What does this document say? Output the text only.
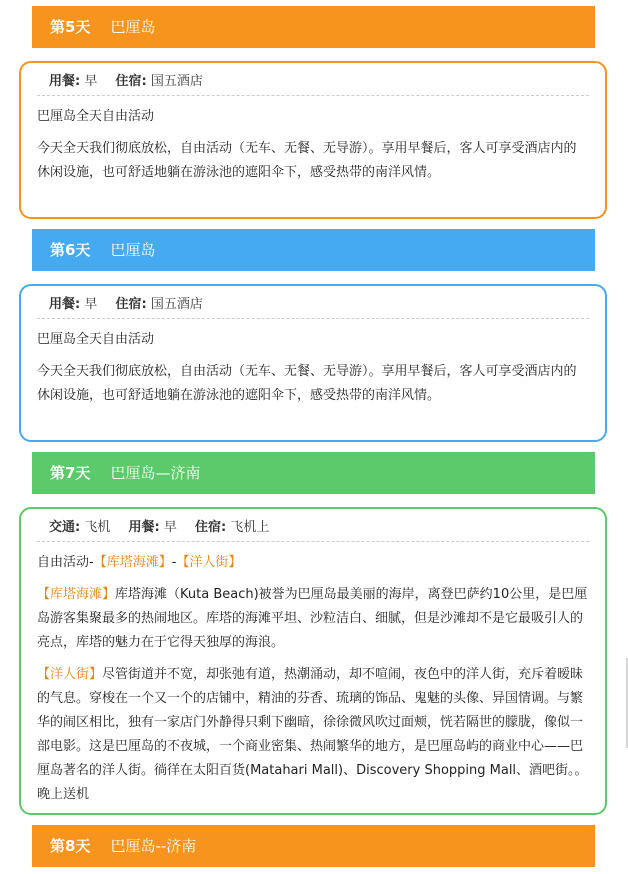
第5天 巴厘岛
用餐: 早 住宿: 国五酒店

巴厘岛全天自由活动

今天全天我们彻底放松，自由活动（无车、无餐、无导游）。享用早餐后，客人可享受酒店内的休闲设施，也可舒适地躺在游泳池的遮阳伞下，感受热带的南洋风情。

第6天 巴厘岛
用餐: 早 住宿: 国五酒店

巴厘岛全天自由活动

今天全天我们彻底放松，自由活动（无车、无餐、无导游）。享用早餐后，客人可享受酒店内的休闲设施，也可舒适地躺在游泳池的遮阳伞下，感受热带的南洋风情。

第7天 巴厘岛—济南
交通: 飞机 用餐: 早 住宿: 飞机上

自由活动-【库塔海滩】-【洋人街】

【库塔海滩】库塔海滩（Kuta Beach)被誉为巴厘岛最美丽的海岸，离登巴萨约10公里，是巴厘岛游客集聚最多的热闹地区。库塔的海滩平坦、沙粒洁白、细腻，但是沙滩却不是它最吸引人的亮点，库塔的魅力在于它得天独厚的海浪。

【洋人街】尽管街道并不宽，却张弛有道，热潮涌动，却不喧闹，夜色中的洋人街，充斥着暧昧的气息。穿梭在一个又一个的店铺中，精油的芬香、琉璃的饰品、鬼魅的头像、异国情调。与繁华的闹区相比，独有一家店门外静得只剩下幽暗，徐徐微风吹过面颊，恍若隔世的朦胧，像似一部电影。这是巴厘岛的不夜城，一个商业密集、热闹繁华的地方，是巴厘岛屿的商业中心——巴厘岛著名的洋人街。徜徉在太阳百货(Matahari Mall)、Discovery Shopping Mall、酒吧街。。晚上送机

第8天 巴厘岛--济南
